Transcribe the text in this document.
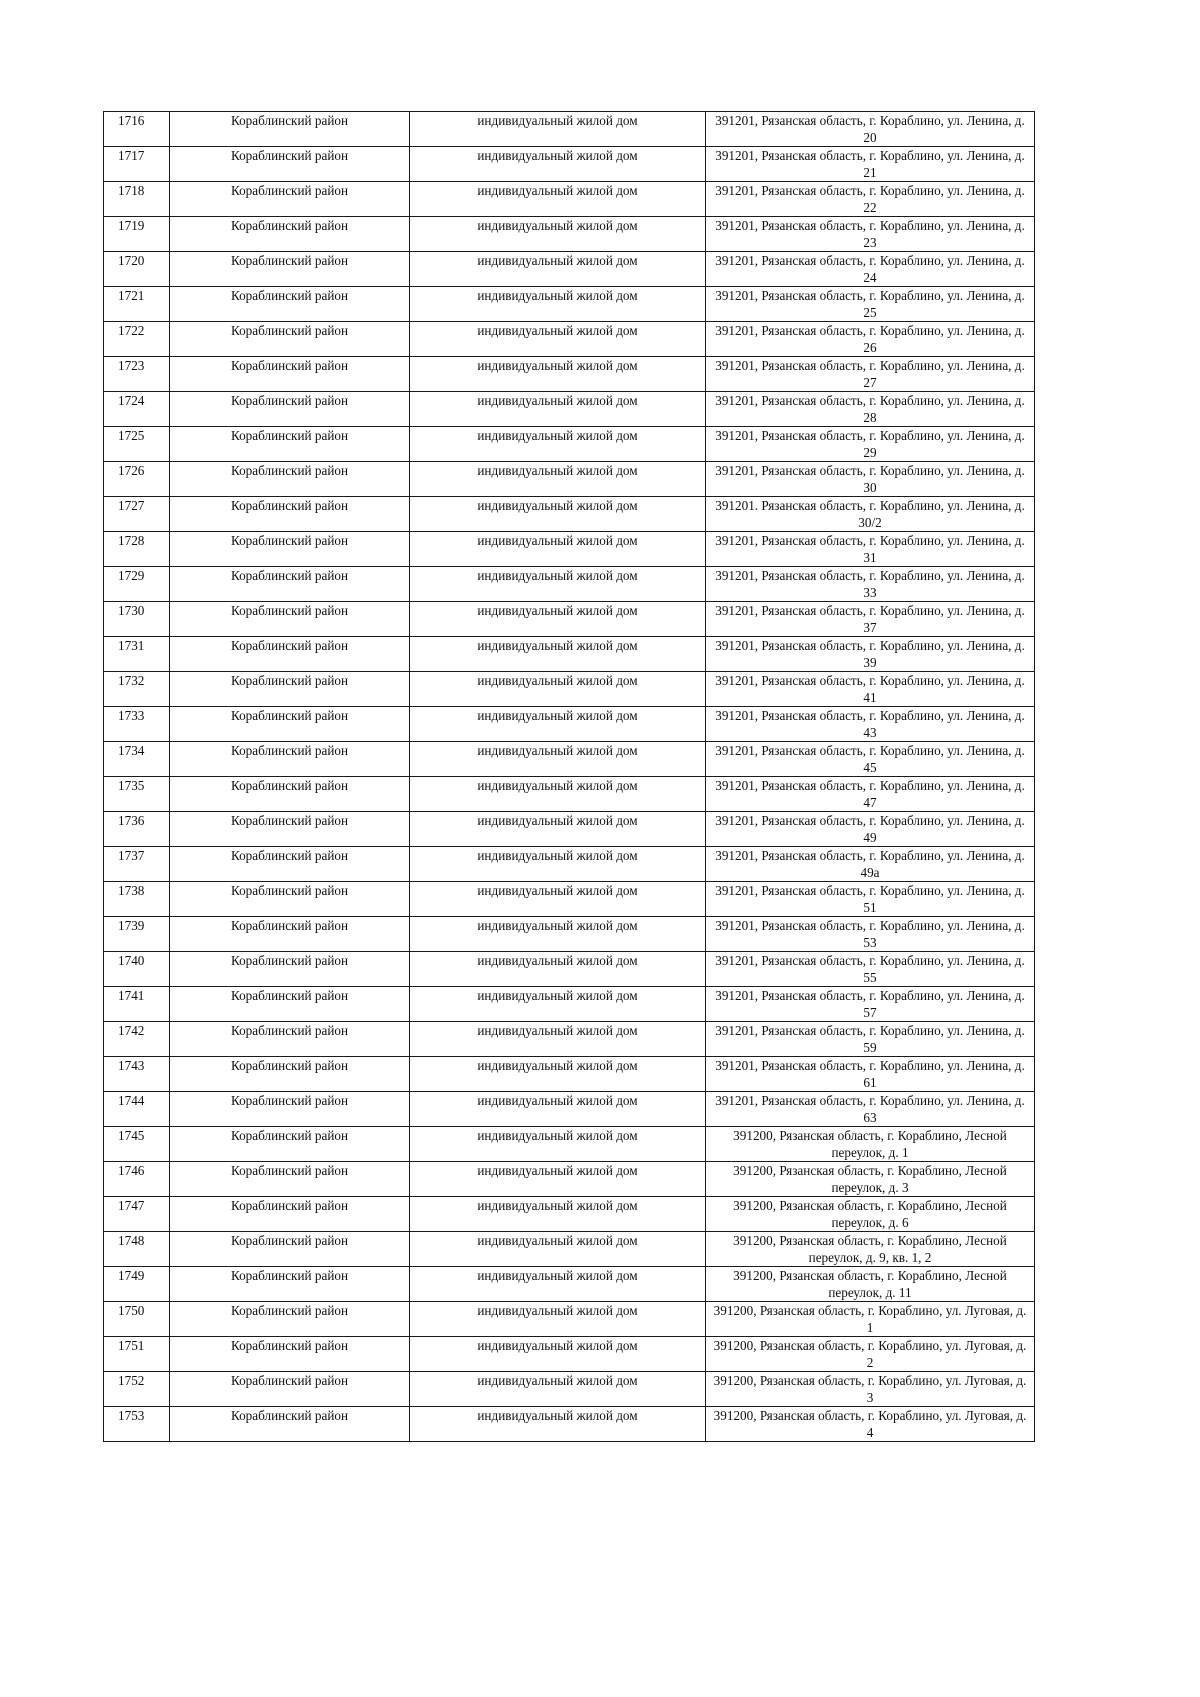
1716	Кораблинский район	индивидуальный жилой дом	391201, Рязанская область, г. Кораблино, ул. Ленина, д. 20
1717	Кораблинский район	индивидуальный жилой дом	391201, Рязанская область, г. Кораблино, ул. Ленина, д. 21
1718	Кораблинский район	индивидуальный жилой дом	391201, Рязанская область, г. Кораблино, ул. Ленина, д. 22
1719	Кораблинский район	индивидуальный жилой дом	391201, Рязанская область, г. Кораблино, ул. Ленина, д. 23
1720	Кораблинский район	индивидуальный жилой дом	391201, Рязанская область, г. Кораблино, ул. Ленина, д. 24
1721	Кораблинский район	индивидуальный жилой дом	391201, Рязанская область, г. Кораблино, ул. Ленина, д. 25
1722	Кораблинский район	индивидуальный жилой дом	391201, Рязанская область, г. Кораблино, ул. Ленина, д. 26
1723	Кораблинский район	индивидуальный жилой дом	391201, Рязанская область, г. Кораблино, ул. Ленина, д. 27
1724	Кораблинский район	индивидуальный жилой дом	391201, Рязанская область, г. Кораблино, ул. Ленина, д. 28
1725	Кораблинский район	индивидуальный жилой дом	391201, Рязанская область, г. Кораблино, ул. Ленина, д. 29
1726	Кораблинский район	индивидуальный жилой дом	391201, Рязанская область, г. Кораблино, ул. Ленина, д. 30
1727	Кораблинский район	индивидуальный жилой дом	391201. Рязанская область, г. Кораблино, ул. Ленина, д. 30/2
1728	Кораблинский район	индивидуальный жилой дом	391201, Рязанская область, г. Кораблино, ул. Ленина, д. 31
1729	Кораблинский район	индивидуальный жилой дом	391201, Рязанская область, г. Кораблино, ул. Ленина, д. 33
1730	Кораблинский район	индивидуальный жилой дом	391201, Рязанская область, г. Кораблино, ул. Ленина, д. 37
1731	Кораблинский район	индивидуальный жилой дом	391201, Рязанская область, г. Кораблино, ул. Ленина, д. 39
1732	Кораблинский район	индивидуальный жилой дом	391201, Рязанская область, г. Кораблино, ул. Ленина, д. 41
1733	Кораблинский район	индивидуальный жилой дом	391201, Рязанская область, г. Кораблино, ул. Ленина, д. 43
1734	Кораблинский район	индивидуальный жилой дом	391201, Рязанская область, г. Кораблино, ул. Ленина, д. 45
1735	Кораблинский район	индивидуальный жилой дом	391201, Рязанская область, г. Кораблино, ул. Ленина, д. 47
1736	Кораблинский район	индивидуальный жилой дом	391201, Рязанская область, г. Кораблино, ул. Ленина, д. 49
1737	Кораблинский район	индивидуальный жилой дом	391201, Рязанская область, г. Кораблино, ул. Ленина, д. 49а
1738	Кораблинский район	индивидуальный жилой дом	391201, Рязанская область, г. Кораблино, ул. Ленина, д. 51
1739	Кораблинский район	индивидуальный жилой дом	391201, Рязанская область, г. Кораблино, ул. Ленина, д. 53
1740	Кораблинский район	индивидуальный жилой дом	391201, Рязанская область, г. Кораблино, ул. Ленина, д. 55
1741	Кораблинский район	индивидуальный жилой дом	391201, Рязанская область, г. Кораблино, ул. Ленина, д. 57
1742	Кораблинский район	индивидуальный жилой дом	391201, Рязанская область, г. Кораблино, ул. Ленина, д. 59
1743	Кораблинский район	индивидуальный жилой дом	391201, Рязанская область, г. Кораблино, ул. Ленина, д. 61
1744	Кораблинский район	индивидуальный жилой дом	391201, Рязанская область, г. Кораблино, ул. Ленина, д. 63
1745	Кораблинский район	индивидуальный жилой дом	391200, Рязанская область, г. Кораблино, Лесной переулок, д. 1
1746	Кораблинский район	индивидуальный жилой дом	391200, Рязанская область, г. Кораблино, Лесной переулок, д. 3
1747	Кораблинский район	индивидуальный жилой дом	391200, Рязанская область, г. Кораблино, Лесной переулок, д. 6
1748	Кораблинский район	индивидуальный жилой дом	391200, Рязанская область, г. Кораблино, Лесной переулок, д. 9, кв. 1, 2
1749	Кораблинский район	индивидуальный жилой дом	391200, Рязанская область, г. Кораблино, Лесной переулок, д. 11
1750	Кораблинский район	индивидуальный жилой дом	391200, Рязанская область, г. Кораблино, ул. Луговая, д. 1
1751	Кораблинский район	индивидуальный жилой дом	391200, Рязанская область, г. Кораблино, ул. Луговая, д. 2
1752	Кораблинский район	индивидуальный жилой дом	391200, Рязанская область, г. Кораблино, ул. Луговая, д. 3
1753	Кораблинский район	индивидуальный жилой дом	391200, Рязанская область, г. Кораблино, ул. Луговая, д. 4
